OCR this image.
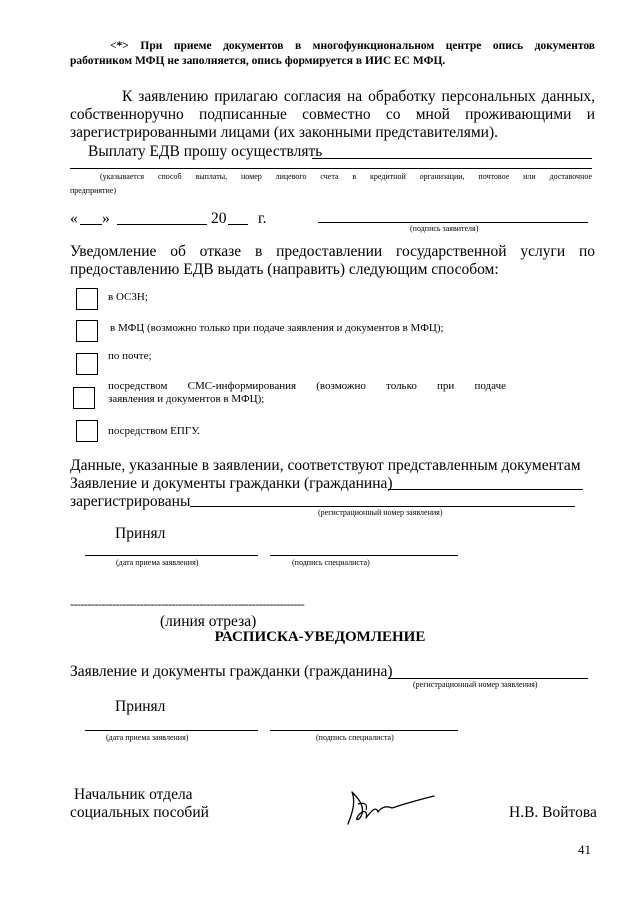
<*> При приеме документов в многофункциональном центре опись документов
работником МФЦ не заполняется, опись формируется в ИИС ЕС МФЦ.
К заявлению прилагаю согласия на обработку персональных данных,
собственноручно подписанные совместно со мной проживающими и
зарегистрированными лицами (их законными представителями).
Выплату ЕДВ прошу осуществлять
(указывается способ выплаты, номер лицевого счета в кредитной организации, почтовое или доставочное
предприятие)
« »	20 г.
(подпись заявителя)
Уведомление об отказе в предоставлении государственной услуги по
предоставлению ЕДВ выдать (направить) следующим способом:
в ОСЗН;
в МФЦ (возможно только при подаче заявления и документов в МФЦ);
по почте;
посредством СМС-информирования (возможно только при подаче
заявления и документов в МФЦ);
посредством ЕПГУ.
Данные, указанные в заявлении, соответствуют представленным документам
Заявление и документы гражданки (гражданина)
зарегистрированы
(регистрационный номер заявления)
Принял
(дата приема заявления)	(подпись специалиста)
-------------------------------------------------------------------
(линия отреза)
РАСПИСКА-УВЕДОМЛЕНИЕ
Заявление и документы гражданки (гражданина)
(регистрационный номер заявления)
Принял
(дата приема заявления)	(подпись специалиста)
Начальник отдела
социальных пособий	Н.В. Войтова
41
